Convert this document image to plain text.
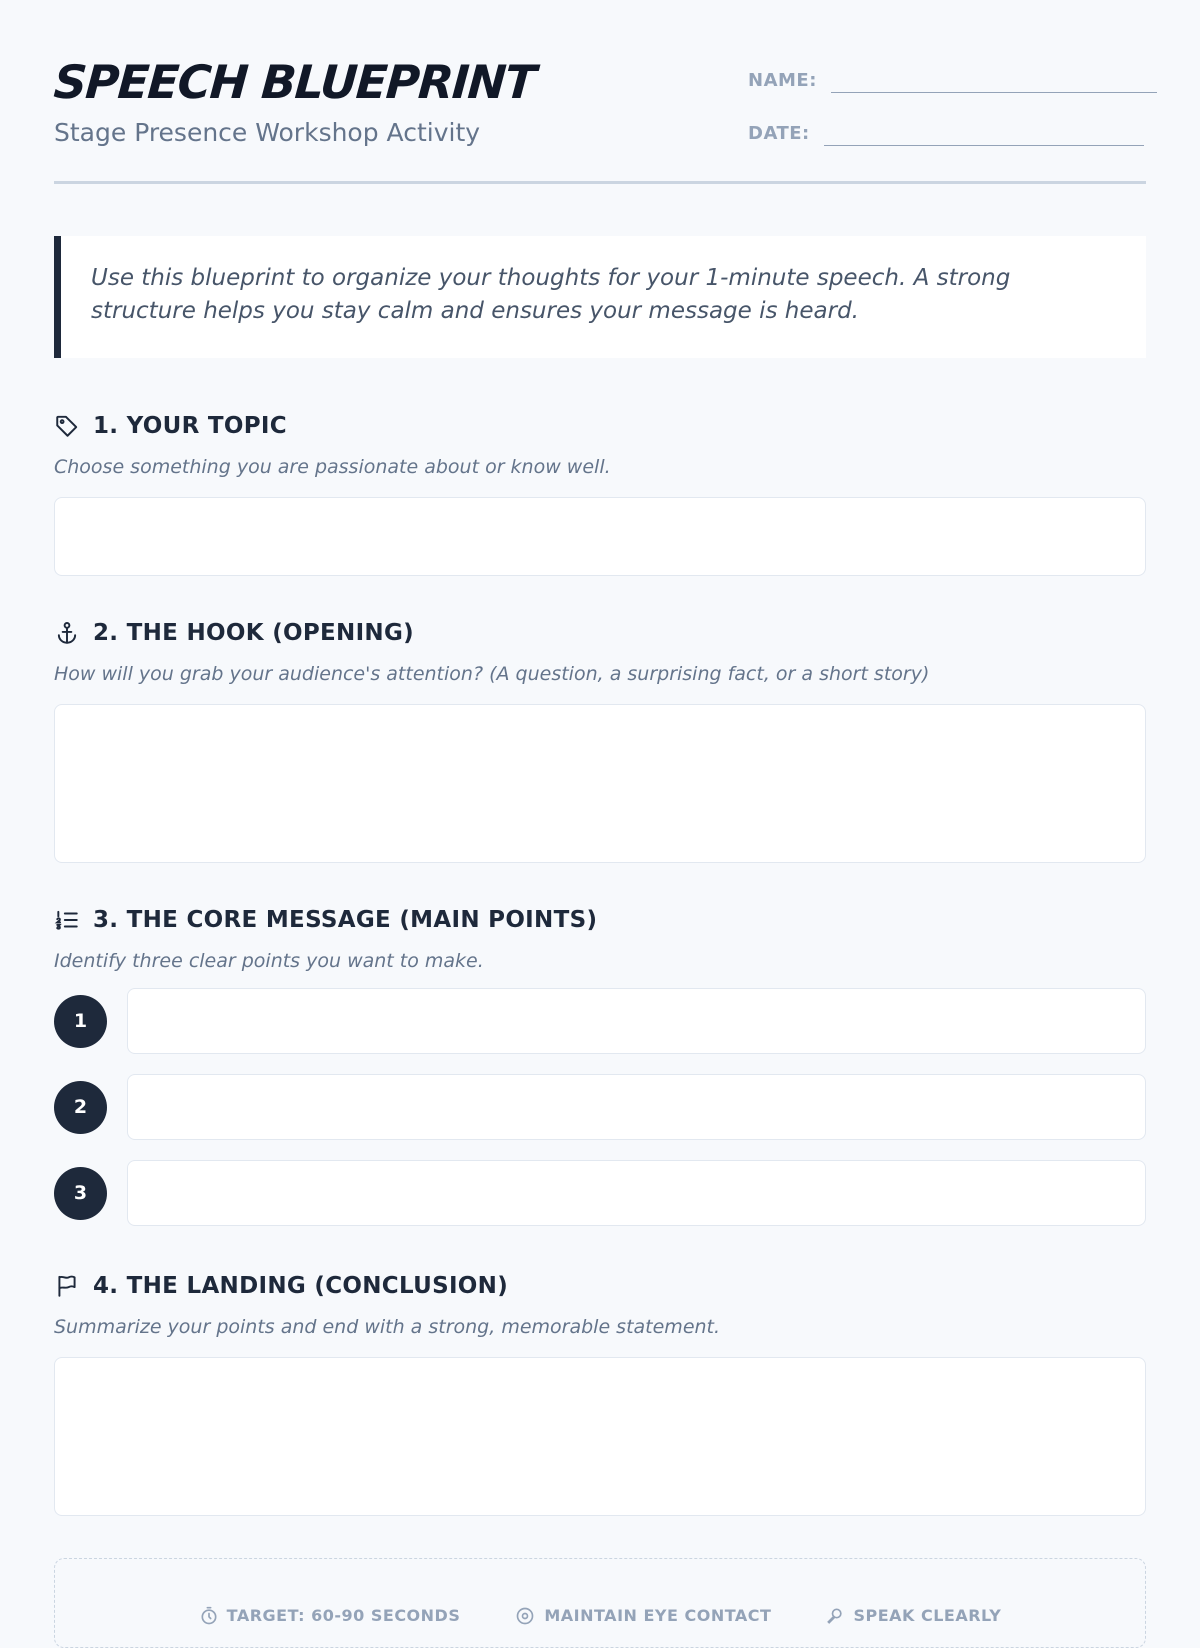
SPEECH BLUEPRINT
Stage Presence Workshop Activity
NAME:
DATE:
Use this blueprint to organize your thoughts for your 1-minute speech. A strong structure helps you stay calm and ensures your message is heard.
1. YOUR TOPIC
Choose something you are passionate about or know well.
2. THE HOOK (OPENING)
How will you grab your audience's attention? (A question, a surprising fact, or a short story)
3. THE CORE MESSAGE (MAIN POINTS)
Identify three clear points you want to make.
1
2
3
4. THE LANDING (CONCLUSION)
Summarize your points and end with a strong, memorable statement.
TARGET: 60-90 SECONDS	MAINTAIN EYE CONTACT	SPEAK CLEARLY
